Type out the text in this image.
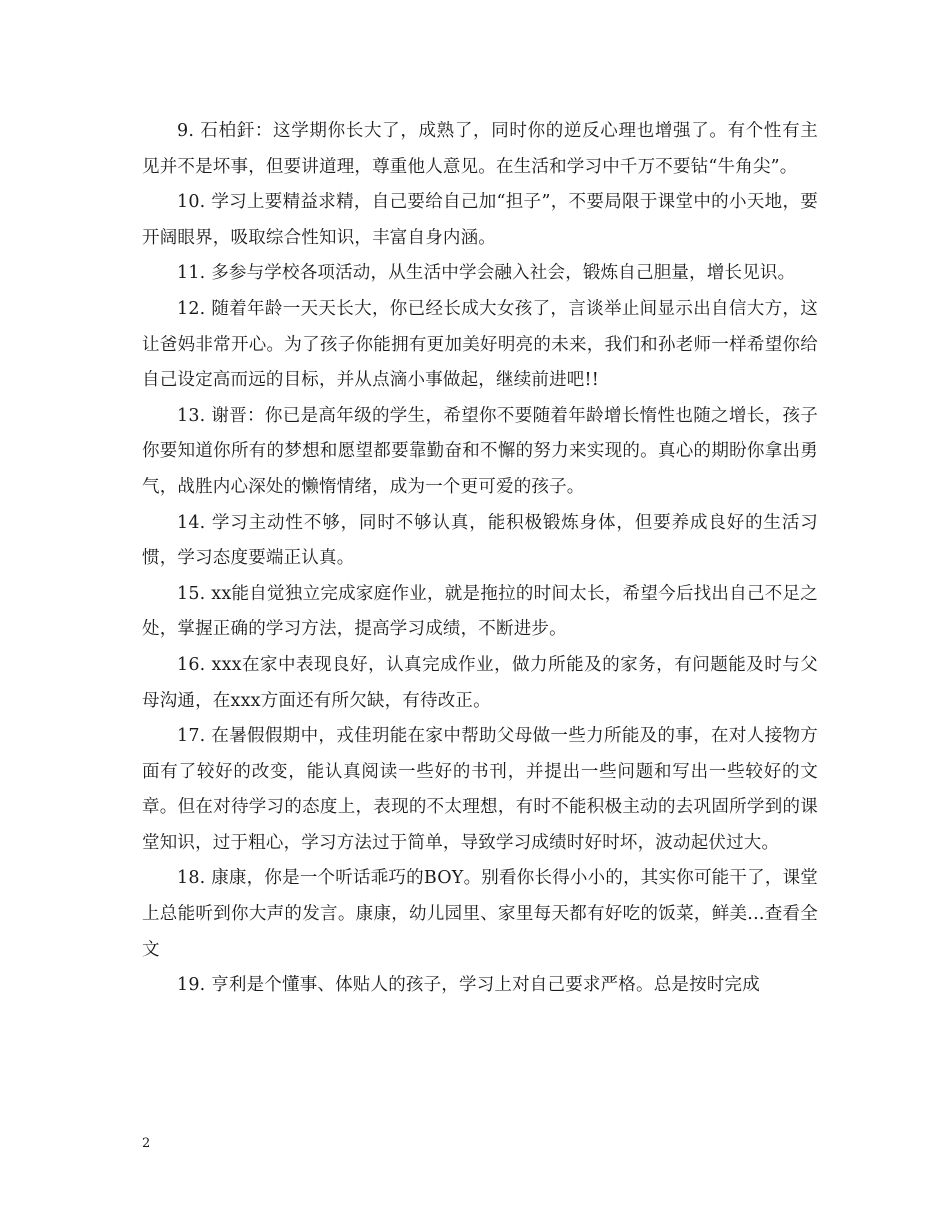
9. 石柏釬：这学期你长大了，成熟了，同时你的逆反心理也增强了。有个性有主见并不是坏事，但要讲道理，尊重他人意见。在生活和学习中千万不要钻“牛角尖”。

10. 学习上要精益求精，自己要给自己加“担子”，不要局限于课堂中的小天地，要开阔眼界，吸取综合性知识，丰富自身内涵。

11. 多参与学校各项活动，从生活中学会融入社会，锻炼自己胆量，增长见识。

12. 随着年龄一天天长大，你已经长成大女孩了，言谈举止间显示出自信大方，这让爸妈非常开心。为了孩子你能拥有更加美好明亮的未来，我们和孙老师一样希望你给自己设定高而远的目标，并从点滴小事做起，继续前进吧!!

13. 谢晋：你已是高年级的学生，希望你不要随着年龄增长惰性也随之增长，孩子你要知道你所有的梦想和愿望都要靠勤奋和不懈的努力来实现的。真心的期盼你拿出勇气，战胜内心深处的懒惰情绪，成为一个更可爱的孩子。

14. 学习主动性不够，同时不够认真，能积极锻炼身体，但要养成良好的生活习惯，学习态度要端正认真。

15. xx能自觉独立完成家庭作业，就是拖拉的时间太长，希望今后找出自己不足之处，掌握正确的学习方法，提高学习成绩，不断进步。

16. xxx在家中表现良好，认真完成作业，做力所能及的家务，有问题能及时与父母沟通，在xxx方面还有所欠缺，有待改正。

17. 在暑假假期中，戎佳玥能在家中帮助父母做一些力所能及的事，在对人接物方面有了较好的改变，能认真阅读一些好的书刊，并提出一些问题和写出一些较好的文章。但在对待学习的态度上，表现的不太理想，有时不能积极主动的去巩固所学到的课堂知识，过于粗心，学习方法过于简单，导致学习成绩时好时坏，波动起伏过大。

18. 康康，你是一个听话乖巧的BOY。别看你长得小小的，其实你可能干了，课堂上总能听到你大声的发言。康康，幼儿园里、家里每天都有好吃的饭菜，鲜美...查看全文

19. 亨利是个懂事、体贴人的孩子，学习上对自己要求严格。总是按时完成

2
